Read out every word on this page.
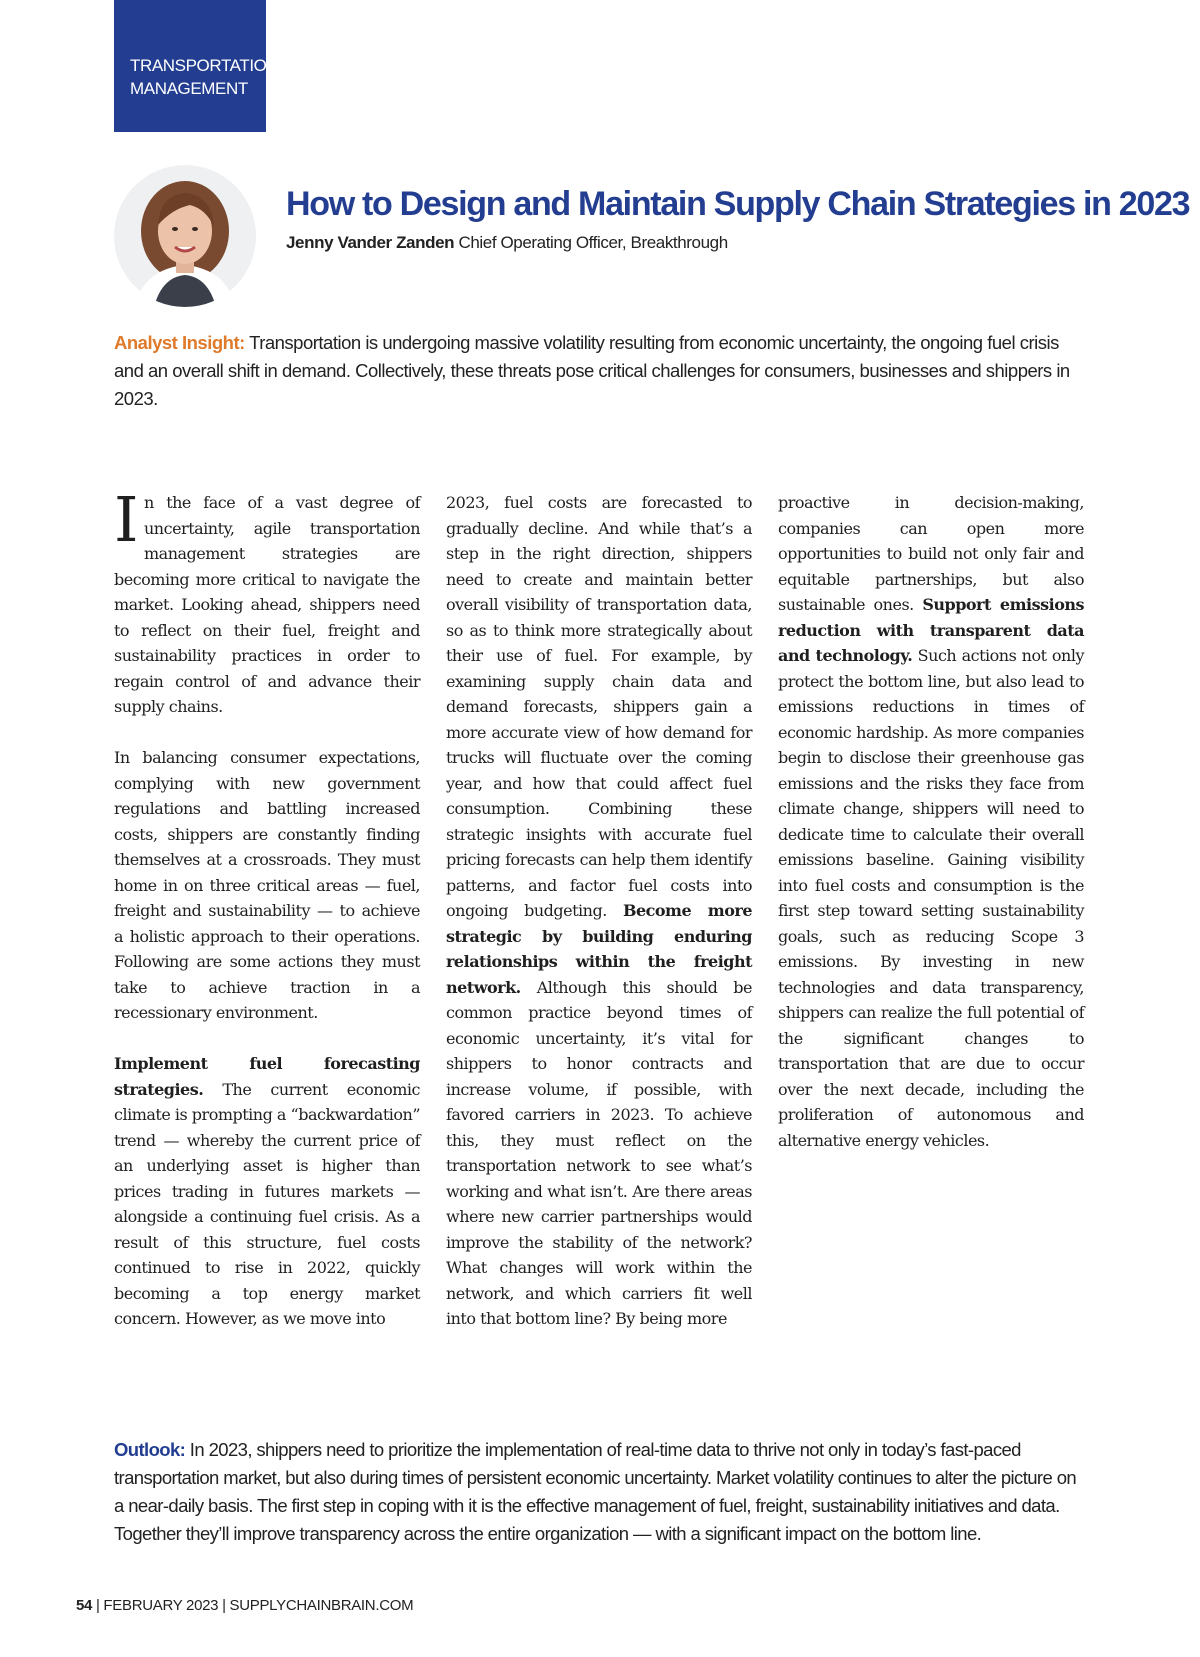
TRANSPORTATION
MANAGEMENT
How to Design and Maintain Supply Chain Strategies in 2023

Jenny Vander Zanden Chief Operating Officer, Breakthrough

Analyst Insight: Transportation is undergoing massive volatility resulting from economic uncertainty, the ongoing fuel crisis and an overall shift in demand. Collectively, these threats pose critical challenges for consumers, businesses and shippers in 2023.

In the face of a vast degree of uncertainty, agile transportation management strategies are becoming more critical to navigate the market. Looking ahead, shippers need to reflect on their fuel, freight and sustainability practices in order to regain control of and advance their supply chains.

In balancing consumer expectations, complying with new government regulations and battling increased costs, shippers are constantly finding themselves at a crossroads. They must home in on three critical areas — fuel, freight and sustainability — to achieve a holistic approach to their operations. Following are some actions they must take to achieve traction in a recessionary environment.

Implement fuel forecasting strategies. The current economic climate is prompting a “backwardation” trend — whereby the current price of an underlying asset is higher than prices trading in futures markets — alongside a continuing fuel crisis. As a result of this structure, fuel costs continued to rise in 2022, quickly becoming a top energy market concern. However, as we move into

2023, fuel costs are forecasted to gradually decline. And while that’s a step in the right direction, shippers need to create and maintain better overall visibility of transportation data, so as to think more strategically about their use of fuel. For example, by examining supply chain data and demand forecasts, shippers gain a more accurate view of how demand for trucks will fluctuate over the coming year, and how that could affect fuel consumption. Combining these strategic insights with accurate fuel pricing forecasts can help them identify patterns, and factor fuel costs into ongoing budgeting. Become more strategic by building enduring relationships within the freight network. Although this should be common practice beyond times of economic uncertainty, it’s vital for shippers to honor contracts and increase volume, if possible, with favored carriers in 2023. To achieve this, they must reflect on the transportation network to see what’s working and what isn’t. Are there areas where new carrier partnerships would improve the stability of the network? What changes will work within the network, and which carriers fit well into that bottom line? By being more

proactive in decision-making, companies can open more opportunities to build not only fair and equitable partnerships, but also sustainable ones. Support emissions reduction with transparent data and technology. Such actions not only protect the bottom line, but also lead to emissions reductions in times of economic hardship. As more companies begin to disclose their greenhouse gas emissions and the risks they face from climate change, shippers will need to dedicate time to calculate their overall emissions baseline. Gaining visibility into fuel costs and consumption is the first step toward setting sustainability goals, such as reducing Scope 3 emissions. By investing in new technologies and data transparency, shippers can realize the full potential of the significant changes to transportation that are due to occur over the next decade, including the proliferation of autonomous and alternative energy vehicles.

Outlook: In 2023, shippers need to prioritize the implementation of real-time data to thrive not only in today’s fast-paced transportation market, but also during times of persistent economic uncertainty. Market volatility continues to alter the picture on a near-daily basis. The first step in coping with it is the effective management of fuel, freight, sustainability initiatives and data. Together they’ll improve transparency across the entire organization — with a significant impact on the bottom line.

54 | FEBRUARY 2023 | SUPPLYCHAINBRAIN.COM
